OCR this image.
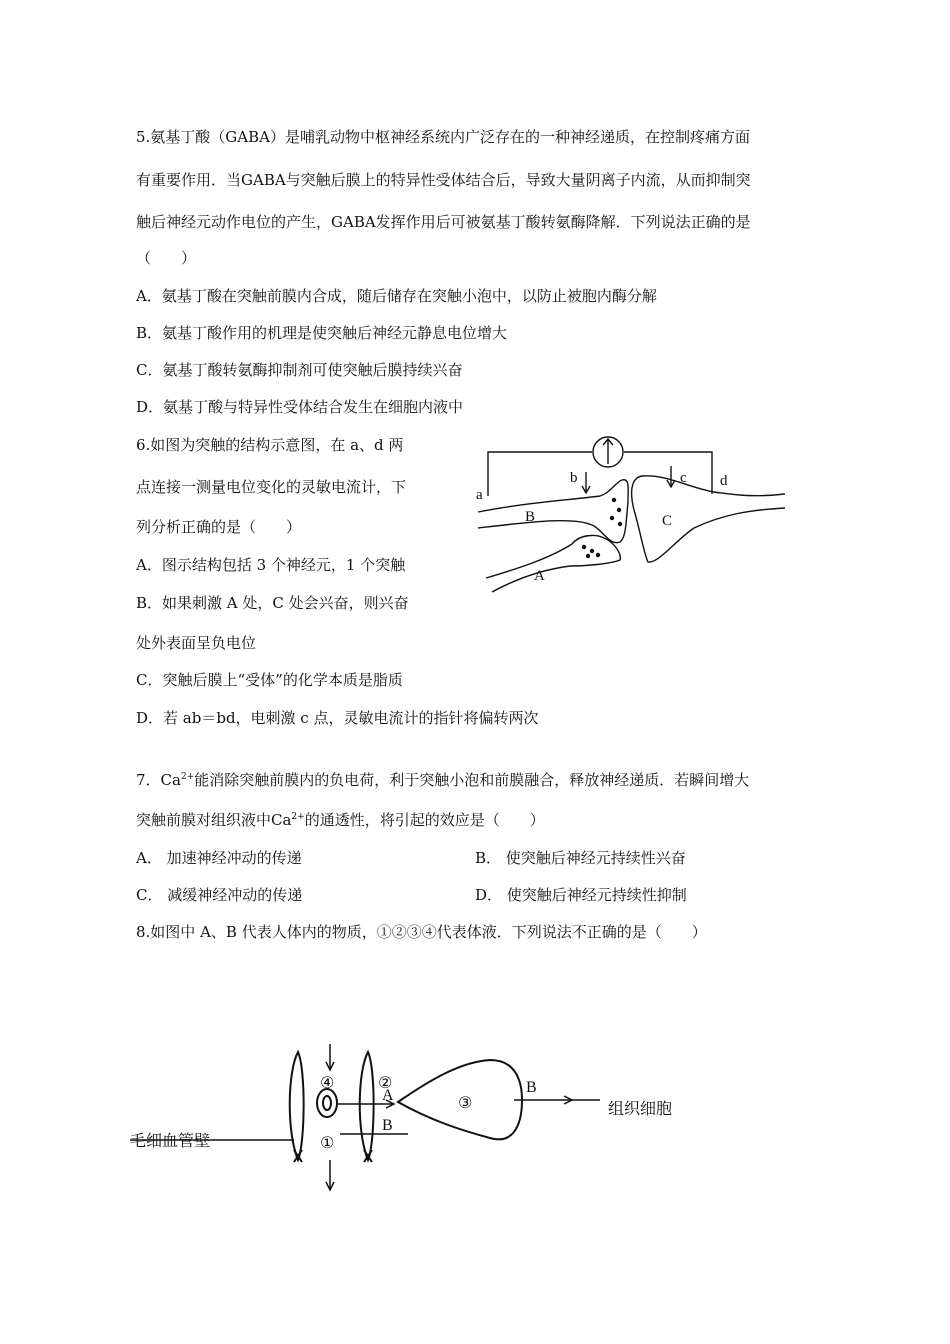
5.氨基丁酸（GABA）是哺乳动物中枢神经系统内广泛存在的一种神经递质，在控制疼痛方面
有重要作用．当GABA与突触后膜上的特异性受体结合后，导致大量阴离子内流，从而抑制突
触后神经元动作电位的产生，GABA发挥作用后可被氨基丁酸转氨酶降解．下列说法正确的是
（　　）
A．氨基丁酸在突触前膜内合成，随后储存在突触小泡中，以防止被胞内酶分解
B．氨基丁酸作用的机理是使突触后神经元静息电位增大
C．氨基丁酸转氨酶抑制剂可使突触后膜持续兴奋
D．氨基丁酸与特异性受体结合发生在细胞内液中
6.如图为突触的结构示意图，在 a、d 两
点连接一测量电位变化的灵敏电流计，下
列分析正确的是（　　）
A．图示结构包括 3 个神经元，1 个突触
B．如果刺激 A 处，C 处会兴奋，则兴奋
处外表面呈负电位
C．突触后膜上“受体”的化学本质是脂质
D．若 ab＝bd，电刺激 c 点，灵敏电流计的指针将偏转两次
a
b	c d
B	C
A
7．$Ca^{2+}$能消除突触前膜内的负电荷，利于突触小泡和前膜融合，释放神经递质．若瞬间增大
突触前膜对组织液中$Ca^{2+}$的通透性，将引起的效应是（　　）
A． 加速神经冲动的传递	B． 使突触后神经元持续性兴奋
C． 减缓神经冲动的传递	D． 使突触后神经元持续性抑制
8.如图中 A、B 代表人体内的物质，①②③④代表体液．下列说法不正确的是（　　）
毛细血管壁
组织细胞
④
①
②
③
A
B
B
